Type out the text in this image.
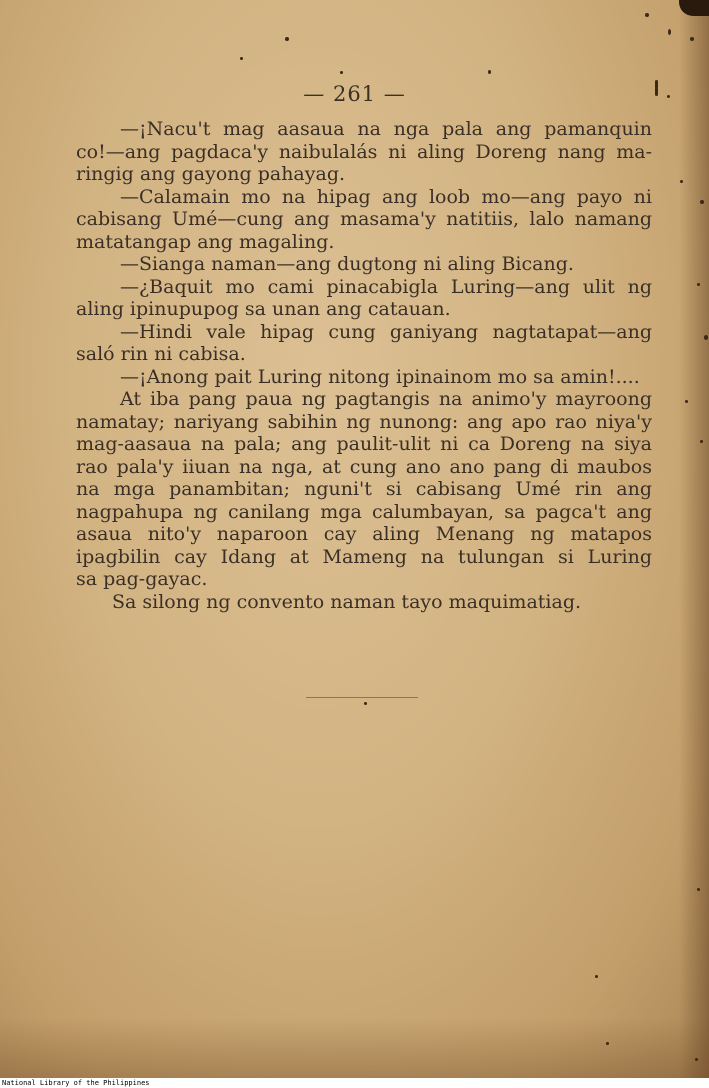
— 261 —
—¡Nacu't mag aasaua na nga pala ang pamanquin
co!—ang pagdaca'y naibulalás ni aling Doreng nang ma-
ringig ang gayong pahayag.
—Calamain mo na hipag ang loob mo—ang payo ni
cabisang Umé—cung ang masama'y natitiis, lalo namang
matatangap ang magaling.
—Sianga naman—ang dugtong ni aling Bicang.
—¿Baquit mo cami pinacabigla Luring—ang ulit ng
aling ipinupupog sa unan ang catauan.
—Hindi vale hipag cung ganiyang nagtatapat—ang
saló rin ni cabisa.
—¡Anong pait Luring nitong ipinainom mo sa amin!....
At iba pang paua ng pagtangis na animo'y mayroong
namatay; nariyang sabihin ng nunong: ang apo rao niya'y
mag-aasaua na pala; ang paulit-ulit ni ca Doreng na siya
rao pala'y iiuan na nga, at cung ano ano pang di maubos
na mga panambitan; nguni't si cabisang Umé rin ang
nagpahupa ng canilang mga calumbayan, sa pagca't ang
asaua nito'y naparoon cay aling Menang ng matapos
ipagbilin cay Idang at Mameng na tulungan si Luring
sa pag-gayac.
Sa silong ng convento naman tayo maquimatiag.
National Library of the Philippines
